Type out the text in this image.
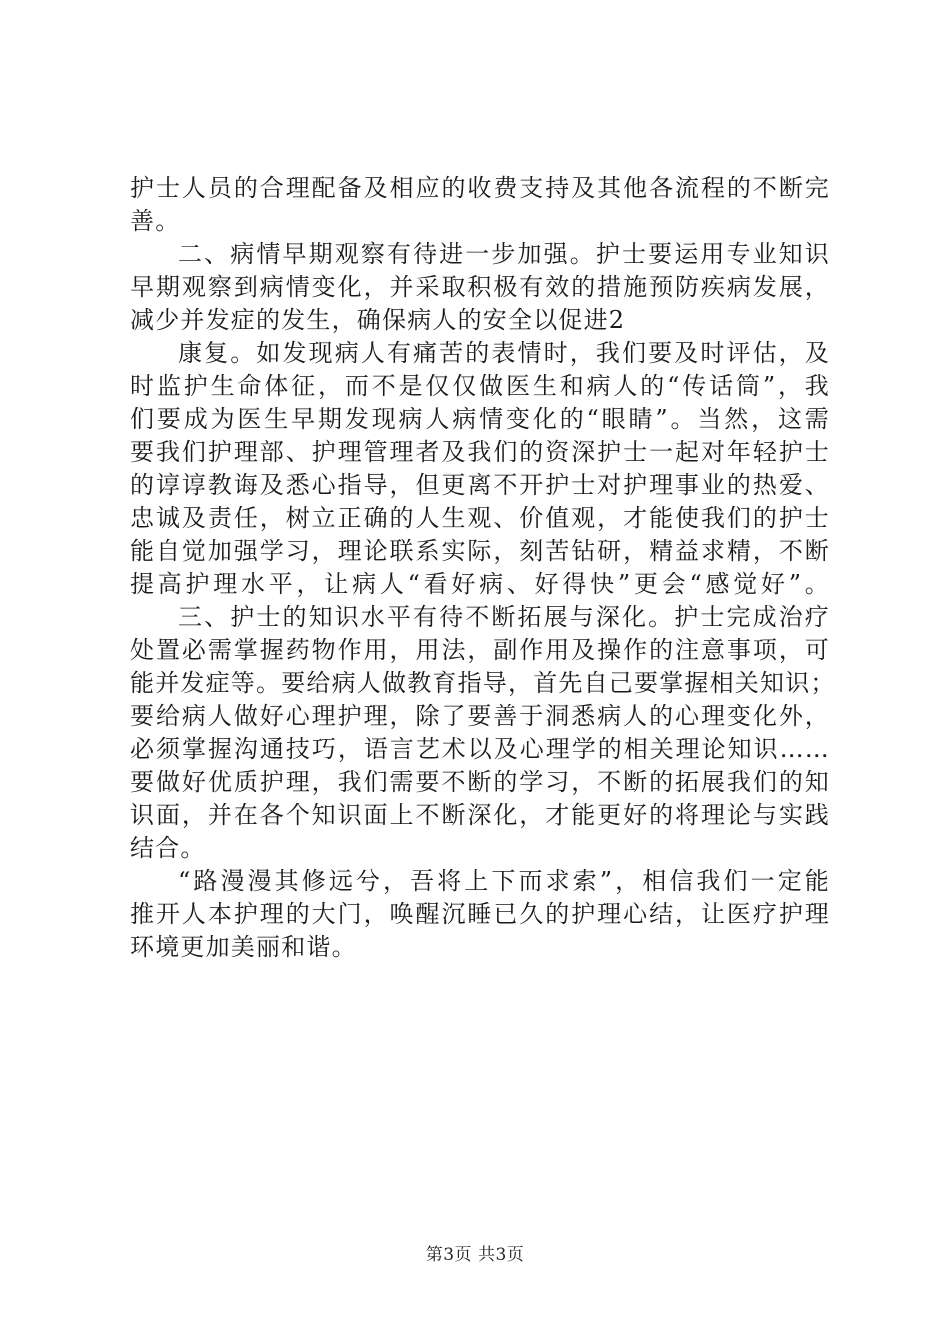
护士人员的合理配备及相应的收费支持及其他各流程的不断完
善。
二、病情早期观察有待进一步加强。护士要运用专业知识
早期观察到病情变化，并采取积极有效的措施预防疾病发展，
减少并发症的发生，确保病人的安全以促进2
康复。如发现病人有痛苦的表情时，我们要及时评估，及
时监护生命体征，而不是仅仅做医生和病人的“传话筒”，我
们要成为医生早期发现病人病情变化的“眼睛”。当然，这需
要我们护理部、护理管理者及我们的资深护士一起对年轻护士
的谆谆教诲及悉心指导，但更离不开护士对护理事业的热爱、
忠诚及责任，树立正确的人生观、价值观，才能使我们的护士
能自觉加强学习，理论联系实际，刻苦钻研，精益求精，不断
提高护理水平，让病人“看好病、好得快”更会“感觉好”。
三、护士的知识水平有待不断拓展与深化。护士完成治疗
处置必需掌握药物作用，用法，副作用及操作的注意事项，可
能并发症等。要给病人做教育指导，首先自己要掌握相关知识；
要给病人做好心理护理，除了要善于洞悉病人的心理变化外，
必须掌握沟通技巧，语言艺术以及心理学的相关理论知识……
要做好优质护理，我们需要不断的学习，不断的拓展我们的知
识面，并在各个知识面上不断深化，才能更好的将理论与实践
结合。
“路漫漫其修远兮，吾将上下而求索”，相信我们一定能
推开人本护理的大门，唤醒沉睡已久的护理心结，让医疗护理
环境更加美丽和谐。
第3页 共3页
